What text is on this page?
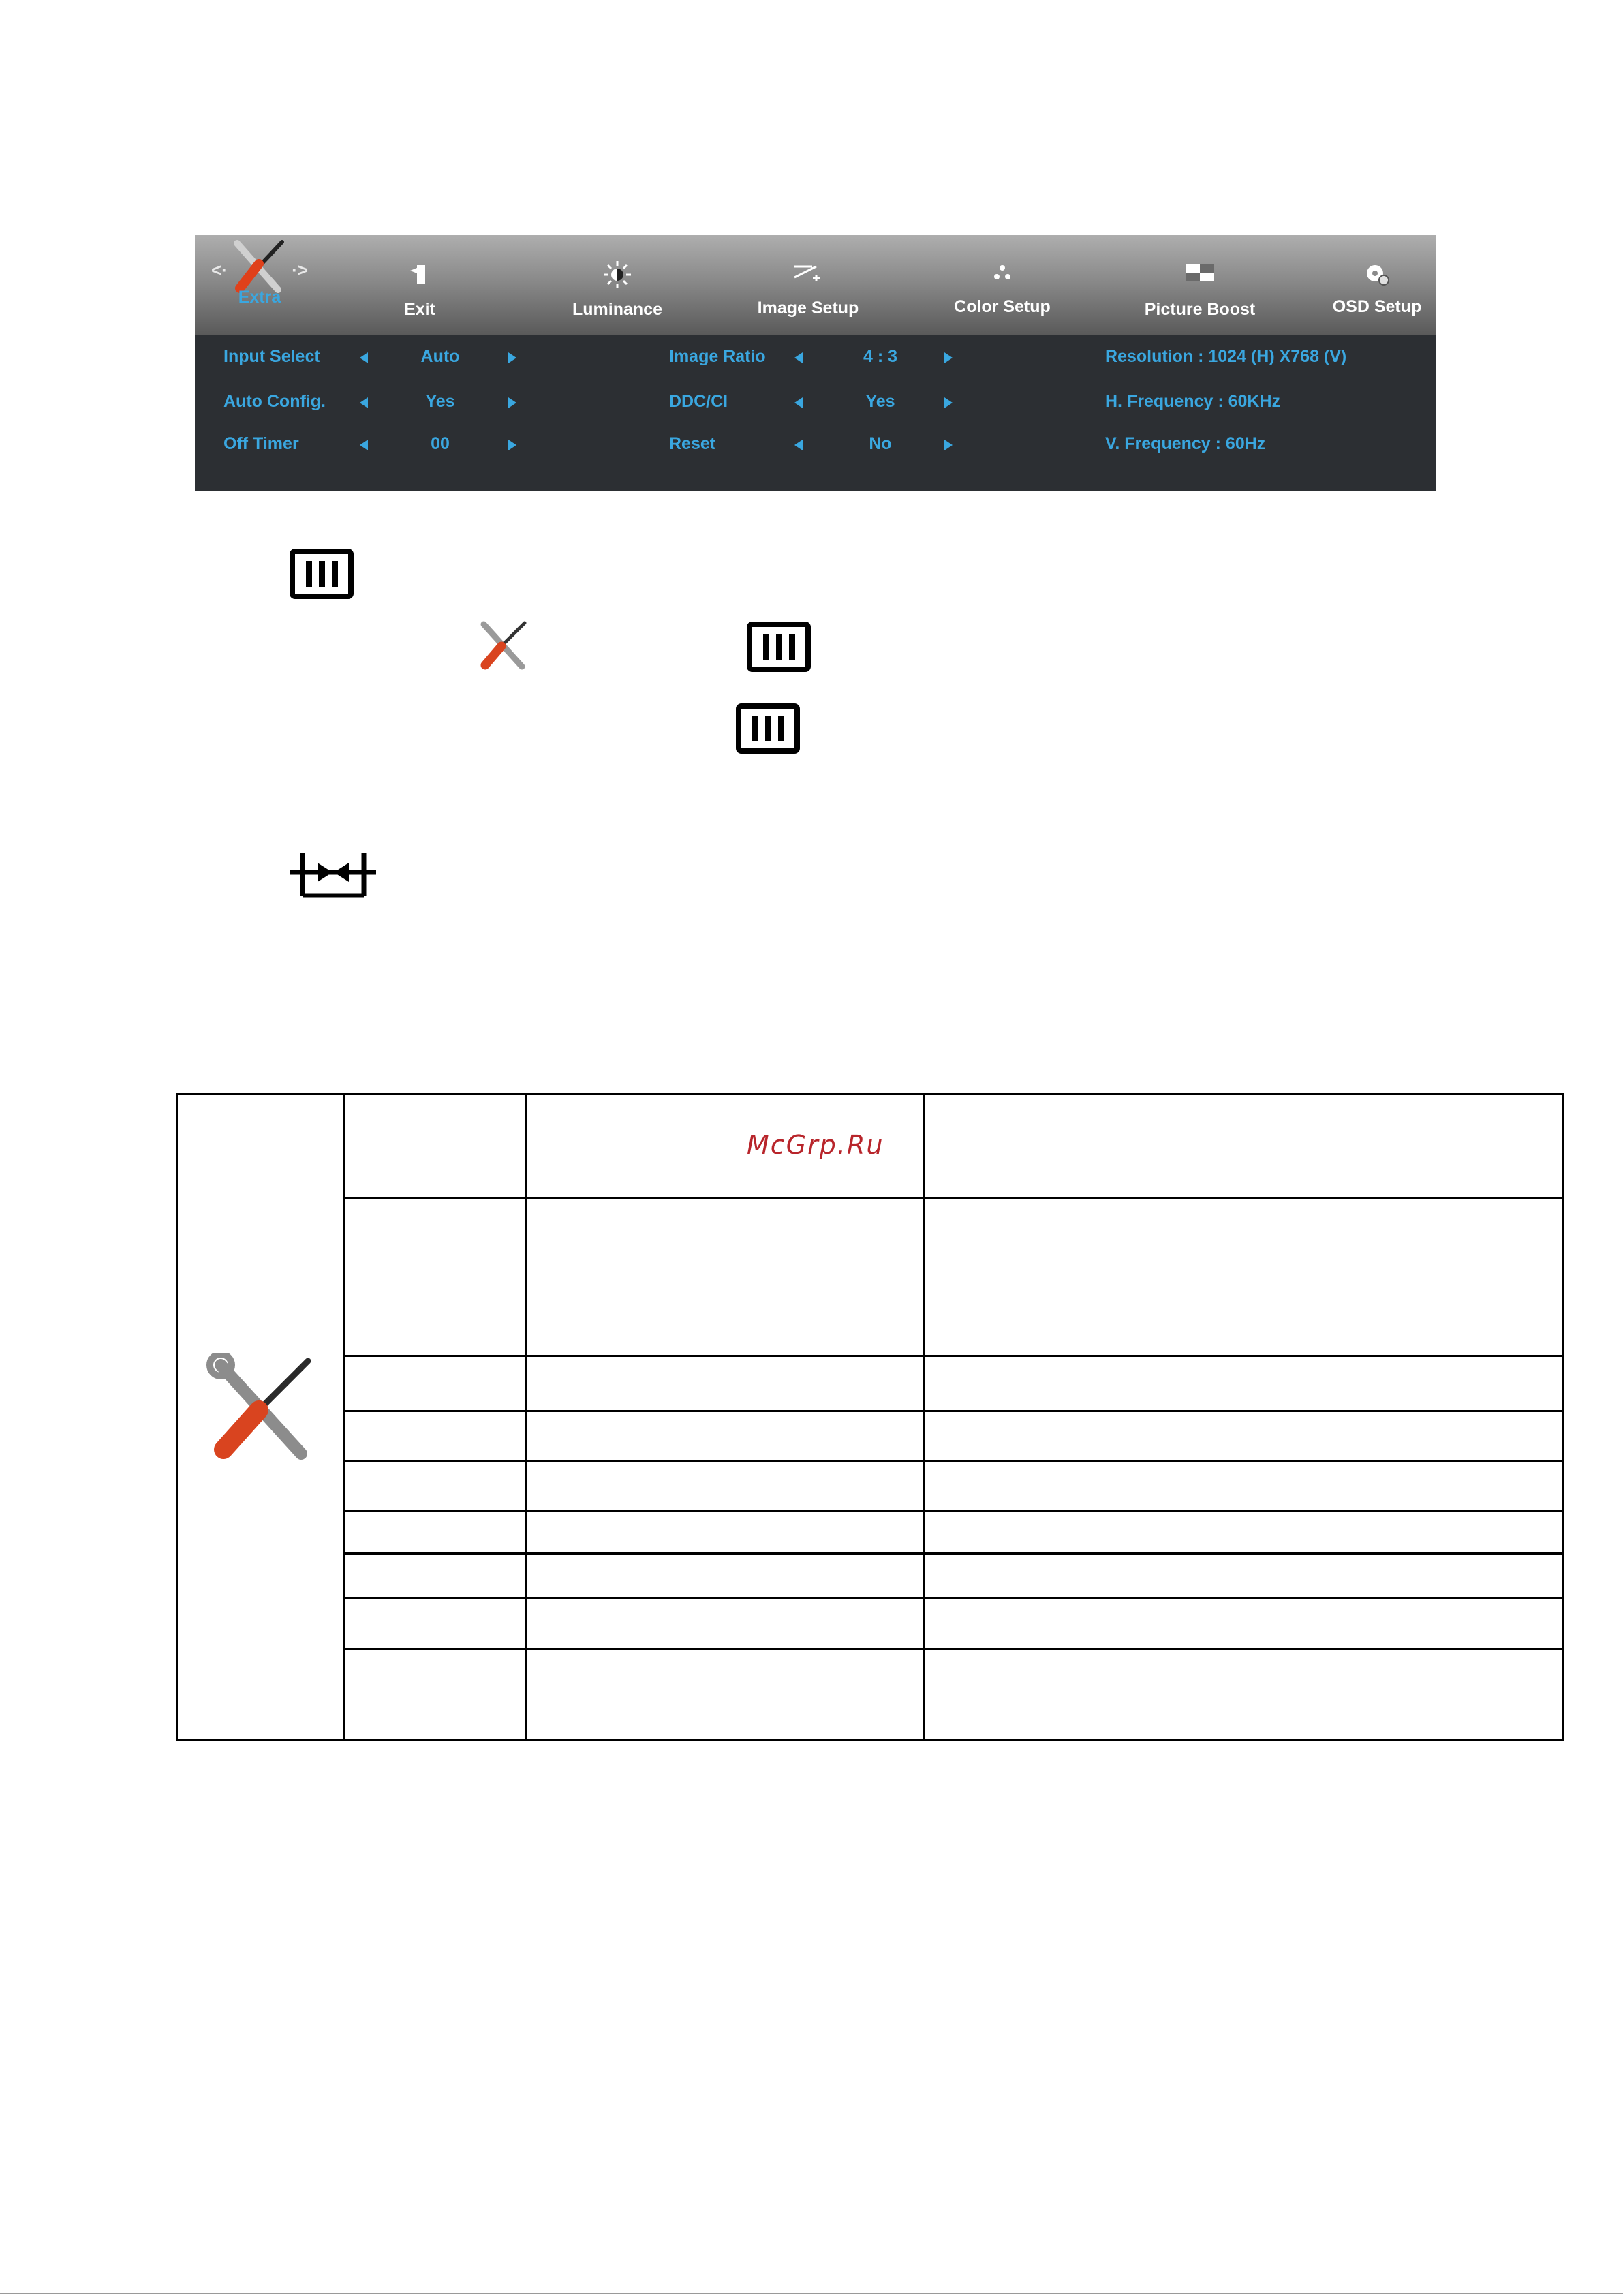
<·	·>
Extra
Exit	Luminance	Image Setup	Color Setup	Picture Boost	OSD Setup
Input Select	Auto
Auto Config.	Yes
Off Timer	00
Image Ratio	4 : 3
DDC/CI	Yes
Reset	No
Resolution : 1024 (H) X768 (V)
H. Frequency : 60KHz
V. Frequency : 60Hz
McGrp.Ru
